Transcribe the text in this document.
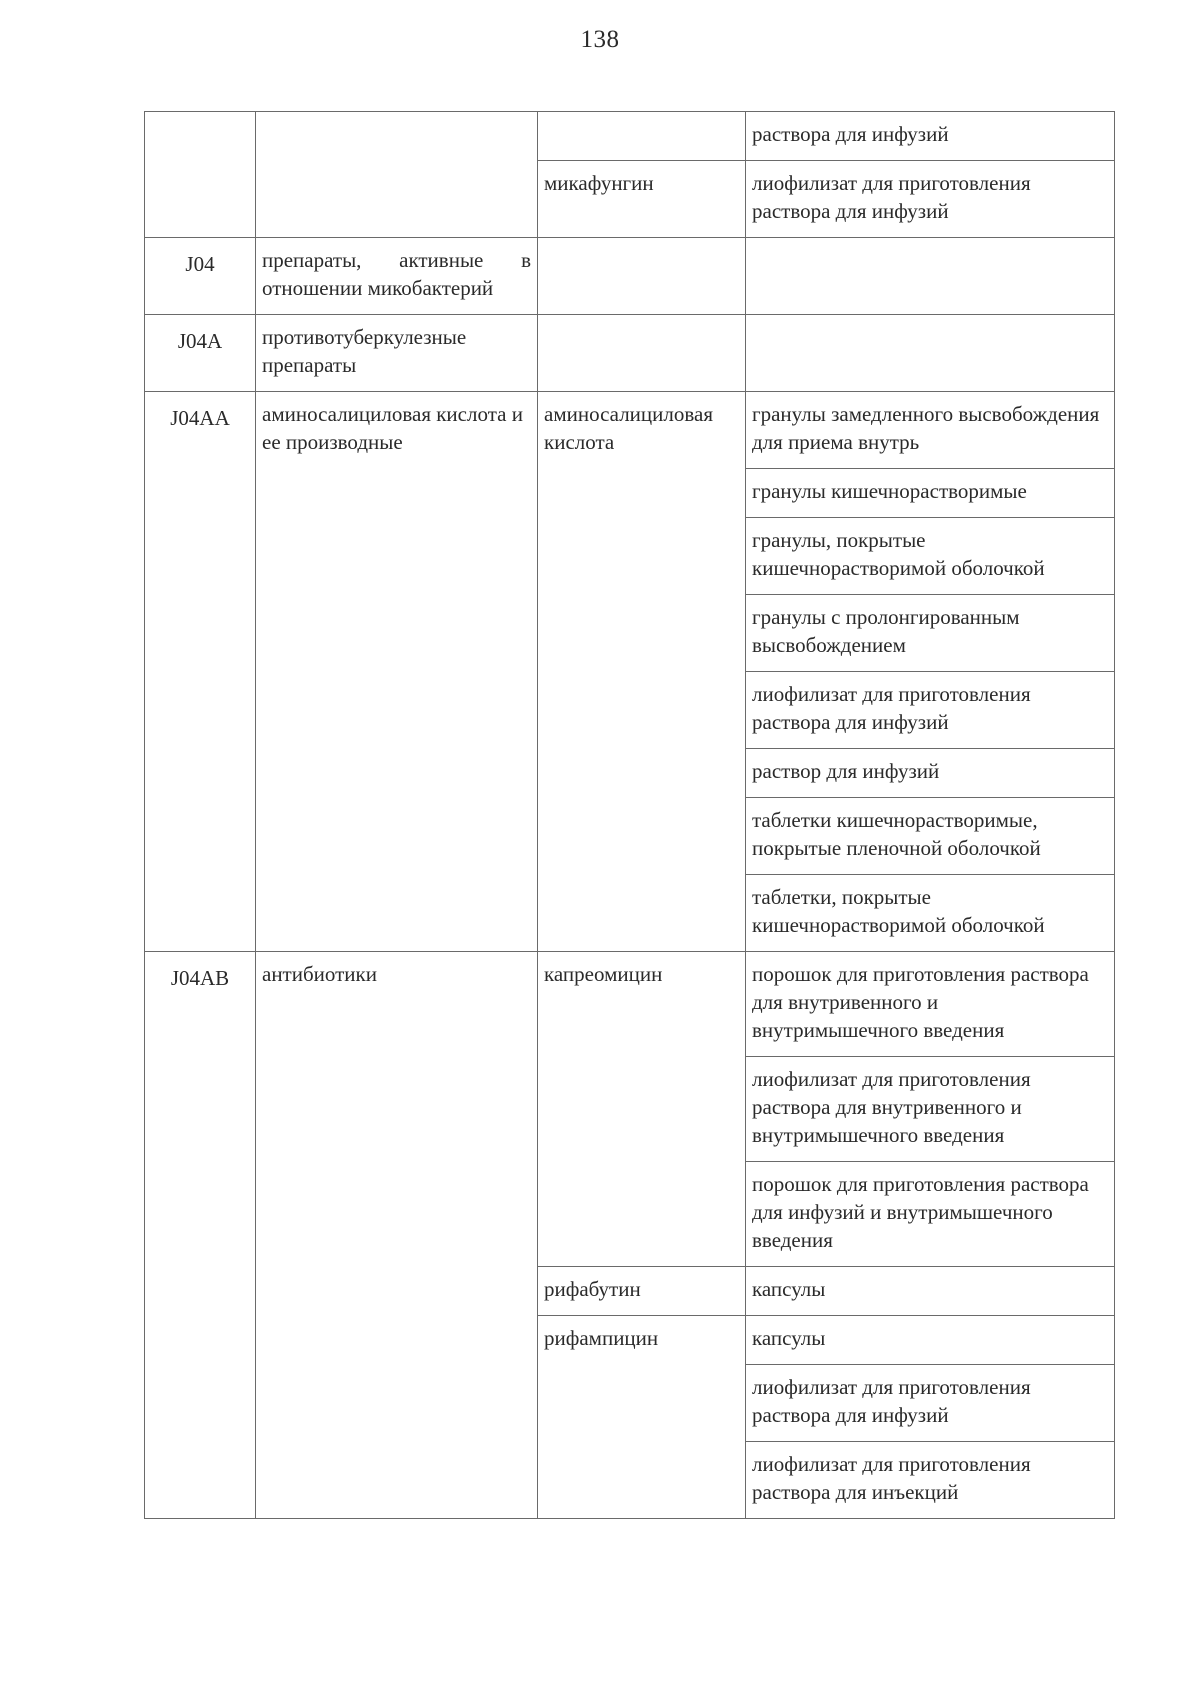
138
			раствора для инфузий
		микафунгин	лиофилизат для приготовления раствора для инфузий
J04	препараты, активные в отношении микобактерий		
J04A	противотуберкулезные препараты		
J04AA	аминосалициловая кислота и ее производные	аминосалициловая кислота	гранулы замедленного высвобождения для приема внутрь
			гранулы кишечнорастворимые
			гранулы, покрытые кишечнорастворимой оболочкой
			гранулы с пролонгированным высвобождением
			лиофилизат для приготовления раствора для инфузий
			раствор для инфузий
			таблетки кишечнорастворимые, покрытые пленочной оболочкой
			таблетки, покрытые кишечнорастворимой оболочкой
J04AB	антибиотики	капреомицин	порошок для приготовления раствора для внутривенного и внутримышечного введения
			лиофилизат для приготовления раствора для внутривенного и внутримышечного введения
			порошок для приготовления раствора для инфузий и внутримышечного введения
		рифабутин	капсулы
		рифампицин	капсулы
			лиофилизат для приготовления раствора для инфузий
			лиофилизат для приготовления раствора для инъекций
